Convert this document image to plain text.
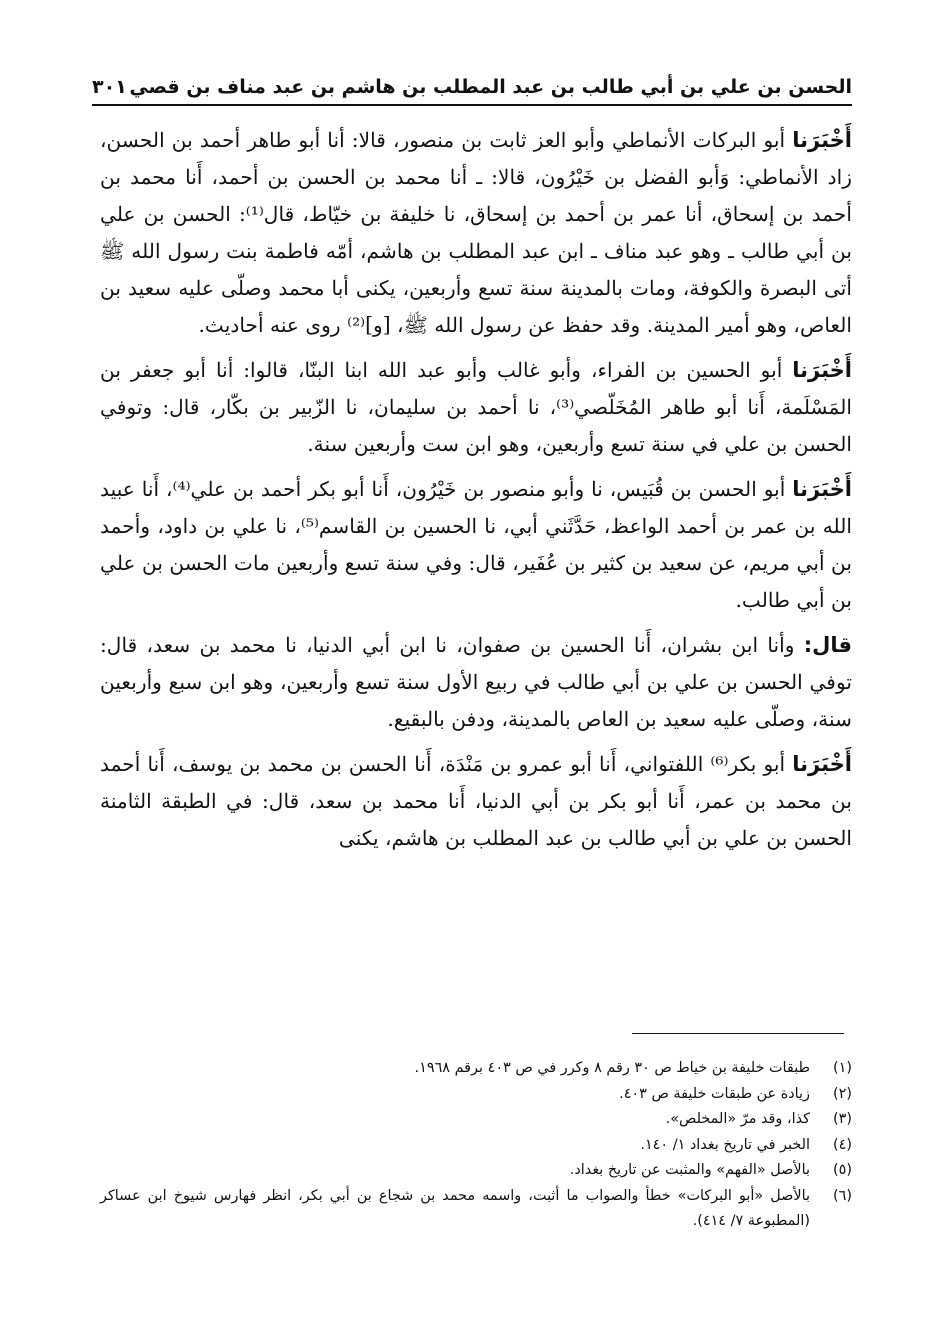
الحسن بن علي بن أبي طالب بن عبد المطلب بن هاشم بن عبد مناف بن قصي
٣٠١

أَخْبَرَنا أبو البركات الأنماطي وأبو العز ثابت بن منصور، قالا: أنا أبو طاهر أحمد بن الحسن، زاد الأنماطي: وَأبو الفضل بن خَيْرُون، قالا: ـ أنا محمد بن الحسن بن أحمد، أَنا محمد بن أحمد بن إسحاق، أنا عمر بن أحمد بن إسحاق، نا خليفة بن خيّاط، قال⁽¹⁾: الحسن بن علي بن أبي طالب ـ وهو عبد مناف ـ ابن عبد المطلب بن هاشم، أمّه فاطمة بنت رسول الله ﷺ أتى البصرة والكوفة، ومات بالمدينة سنة تسع وأربعين، يكنى أبا محمد وصلّى عليه سعيد بن العاص، وهو أمير المدينة. وقد حفظ عن رسول الله ﷺ، [و]⁽²⁾ روى عنه أحاديث.

أَخْبَرَنا أبو الحسين بن الفراء، وأبو غالب وأبو عبد الله ابنا البنّا، قالوا: أنا أبو جعفر بن المَسْلَمة، أَنا أبو طاهر المُخَلّصي⁽³⁾، نا أحمد بن سليمان، نا الزّبير بن بكّار، قال: وتوفي الحسن بن علي في سنة تسع وأربعين، وهو ابن ست وأربعين سنة.

أَخْبَرَنا أبو الحسن بن قُبَيس، نا وأبو منصور بن خَيْرُون، أَنا أبو بكر أحمد بن علي⁽⁴⁾، أَنا عبيد الله بن عمر بن أحمد الواعظ، حَدَّثَني أبي، نا الحسين بن القاسم⁽⁵⁾، نا علي بن داود، وأحمد بن أبي مريم، عن سعيد بن كثير بن عُفَير، قال: وفي سنة تسع وأربعين مات الحسن بن علي بن أبي طالب.

قال: وأنا ابن بشران، أَنا الحسين بن صفوان، نا ابن أبي الدنيا، نا محمد بن سعد، قال: توفي الحسن بن علي بن أبي طالب في ربيع الأول سنة تسع وأربعين، وهو ابن سبع وأربعين سنة، وصلّى عليه سعيد بن العاص بالمدينة، ودفن بالبقيع.

أَخْبَرَنا أبو بكر⁽⁶⁾ اللفتواني، أَنا أبو عمرو بن مَنْدَة، أَنا الحسن بن محمد بن يوسف، أَنا أحمد بن محمد بن عمر، أَنا أبو بكر بن أبي الدنيا، أَنا محمد بن سعد، قال: في الطبقة الثامنة الحسن بن علي بن أبي طالب بن عبد المطلب بن هاشم، يكنى

(١)
طبقات خليفة بن خياط ص ٣٠ رقم ٨ وكرر في ص ٤٠٣ برقم ١٩٦٨.
(٢)
زيادة عن طبقات خليفة ص ٤٠٣.
(٣)
كذا، وقد مرّ «المخلص».
(٤)
الخبر في تاريخ بغداد ١/ ١٤٠.
(٥)
بالأصل «الفهم» والمثبت عن تاريخ بغداد.
(٦)
بالأصل «أبو البركات» خطأ والصواب ما أثبت، واسمه محمد بن شجاع بن أبي بكر، انظر فهارس شيوخ ابن عساكر (المطبوعة ٧/ ٤١٤).
